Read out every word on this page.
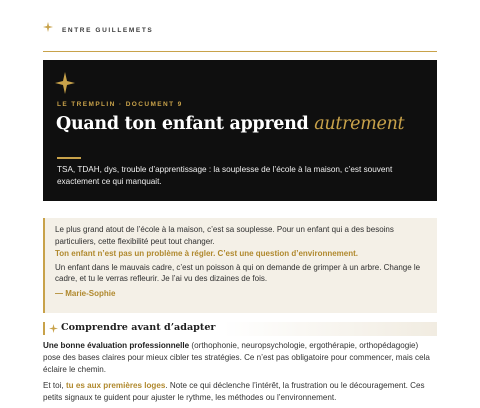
ENTRE GUILLEMETS
LE TREMPLIN · DOCUMENT 9
Quand ton enfant apprend autrement
TSA, TDAH, dys, trouble d’apprentissage : la souplesse de l’école à la maison, c’est souvent exactement ce qui manquait.

Le plus grand atout de l’école à la maison, c’est sa souplesse. Pour un enfant qui a des besoins particuliers, cette flexibilité peut tout changer.

Ton enfant n’est pas un problème à régler. C’est une question d’environnement.

Un enfant dans le mauvais cadre, c’est un poisson à qui on demande de grimper à un arbre. Change le cadre, et tu le verras refleurir. Je l’ai vu des dizaines de fois.

— Marie-Sophie

Comprendre avant d’adapter

Une bonne évaluation professionnelle (orthophonie, neuropsychologie, ergothérapie, orthopédagogie) pose des bases claires pour mieux cibler tes stratégies. Ce n’est pas obligatoire pour commencer, mais cela éclaire le chemin.

Et toi, tu es aux premières loges. Note ce qui déclenche l’intérêt, la frustration ou le découragement. Ces petits signaux te guident pour ajuster le rythme, les méthodes ou l’environnement.
